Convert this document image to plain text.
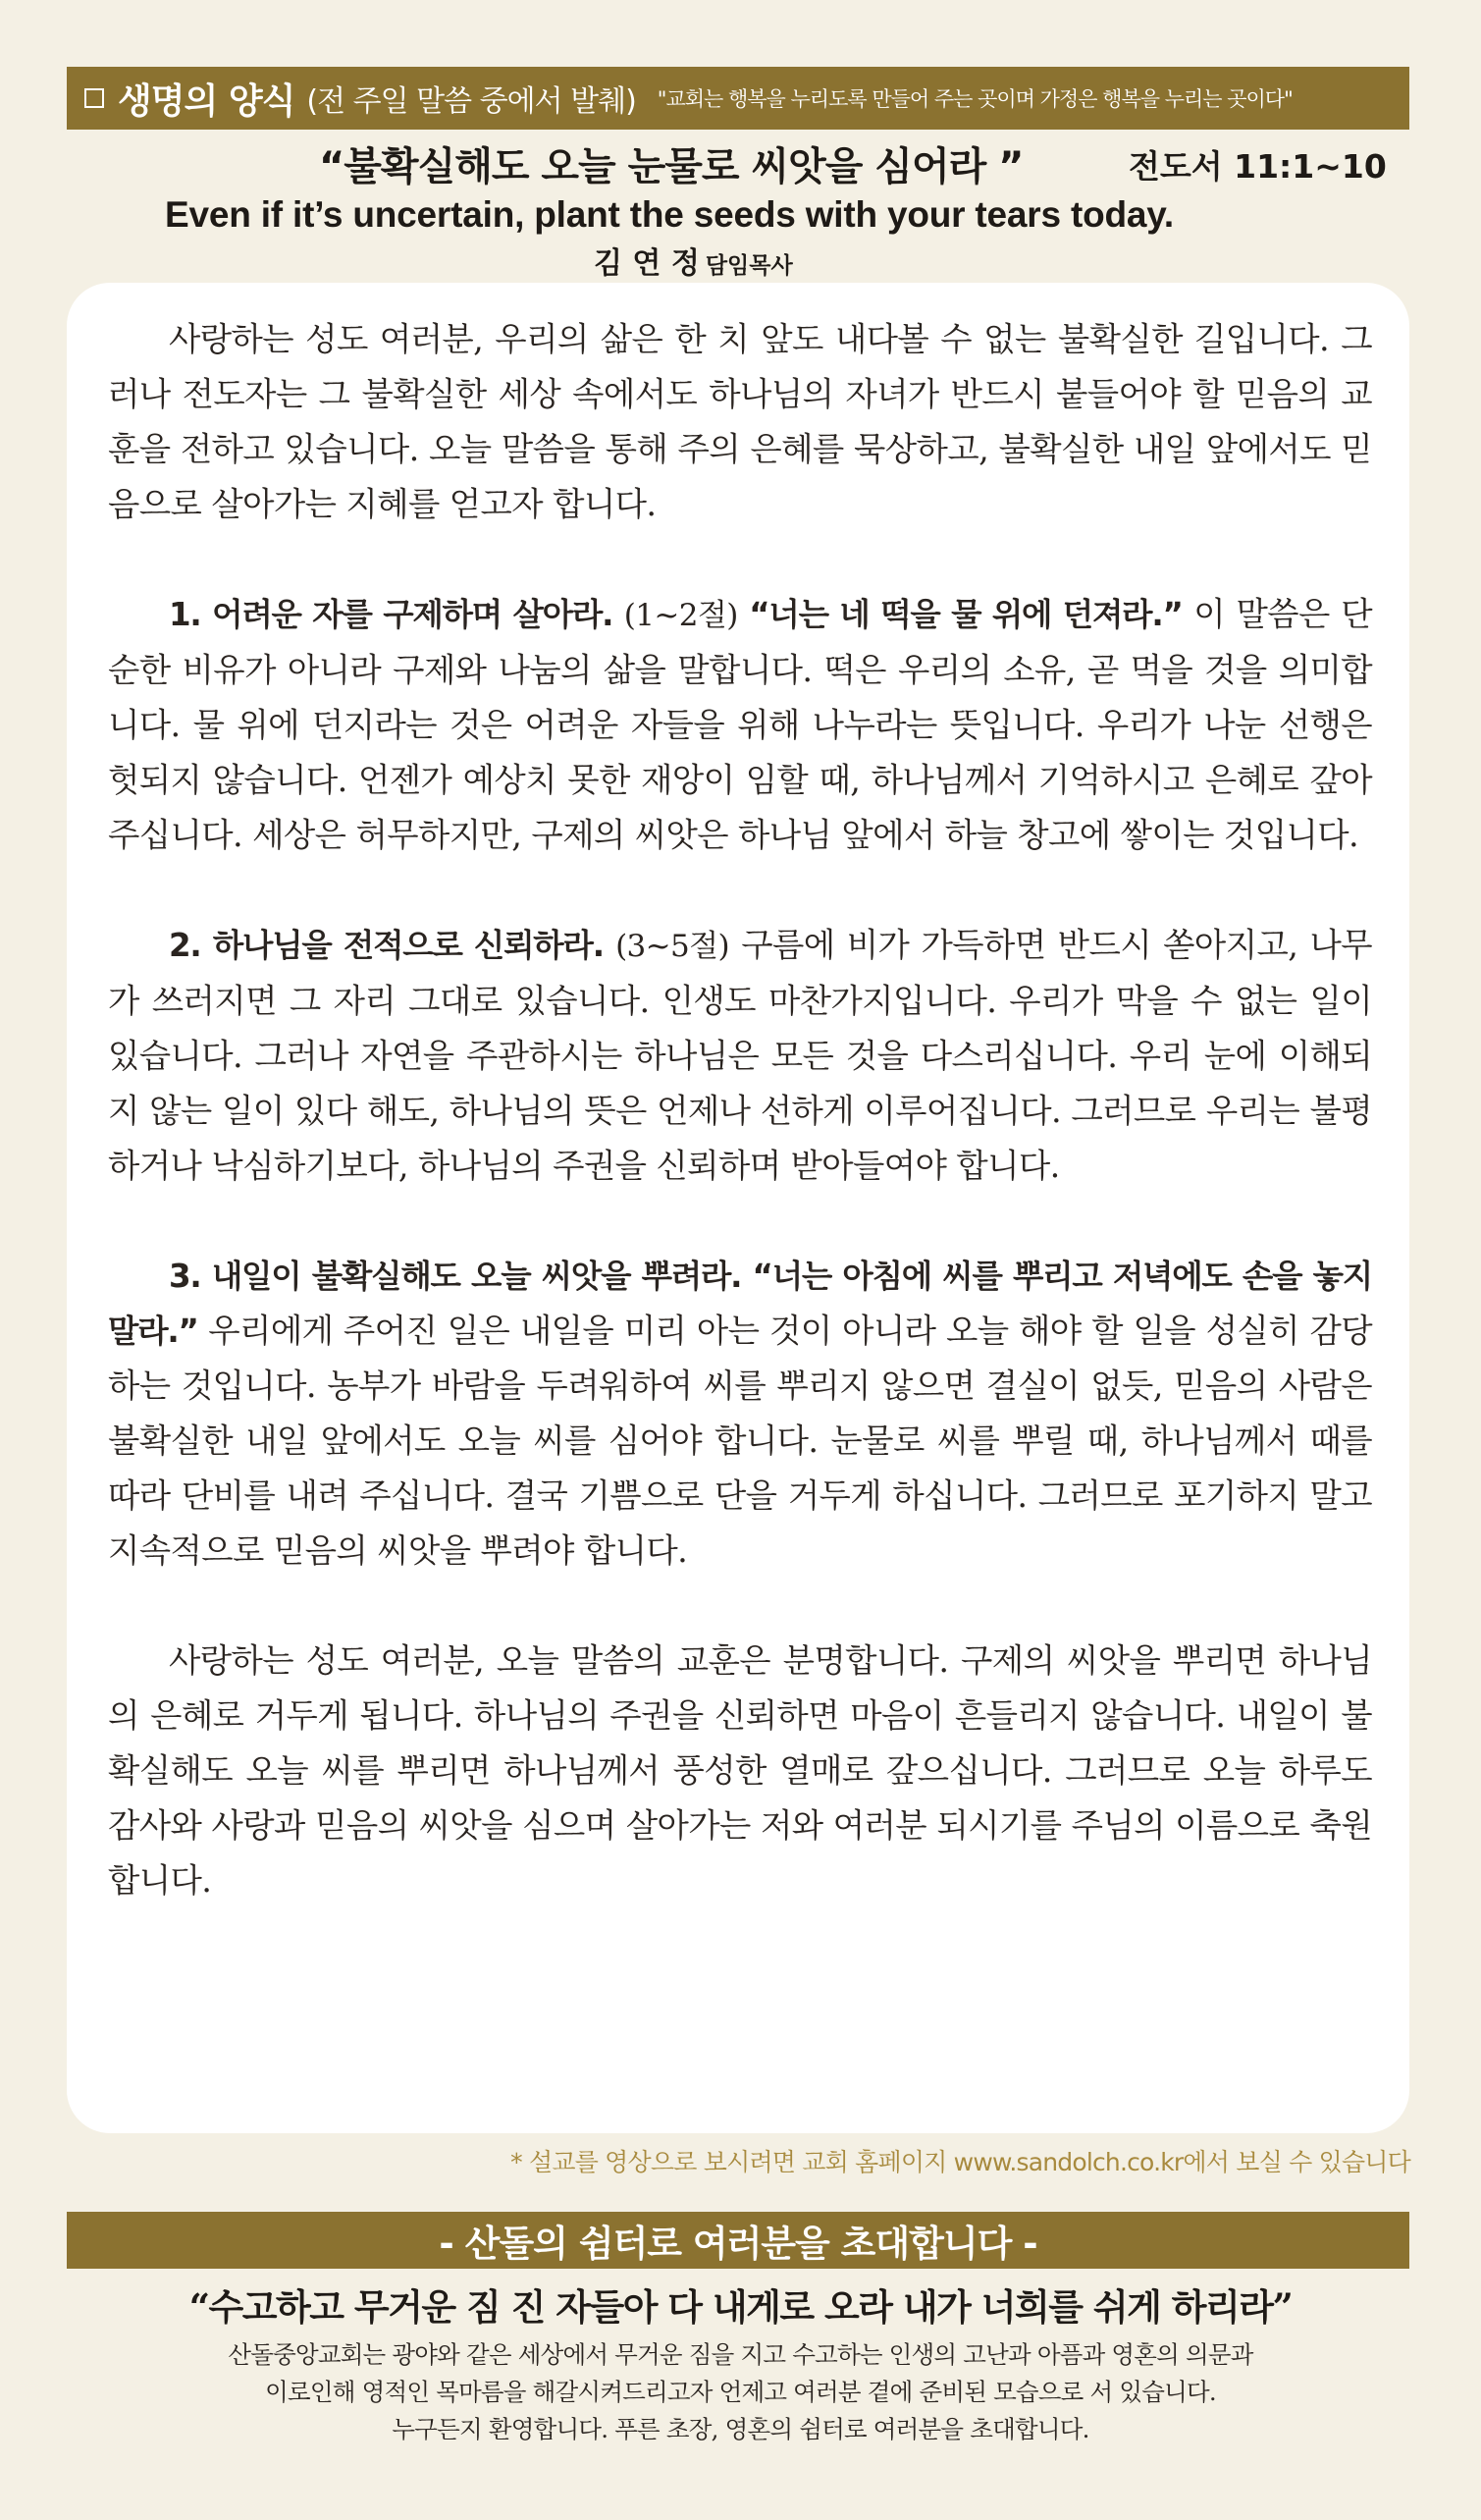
생명의 양식 (전 주일 말씀 중에서 발췌) "교회는 행복을 누리도록 만들어 주는 곳이며 가정은 행복을 누리는 곳이다"
“불확실해도 오늘 눈물로 씨앗을 심어라 ”	전도서 11:1~10
Even if it’s uncertain, plant the seeds with your tears today.
김 연 정 담임목사

사랑하는 성도 여러분, 우리의 삶은 한 치 앞도 내다볼 수 없는 불확실한 길입니다. 그러나 전도자는 그 불확실한 세상 속에서도 하나님의 자녀가 반드시 붙들어야 할 믿음의 교훈을 전하고 있습니다. 오늘 말씀을 통해 주의 은혜를 묵상하고, 불확실한 내일 앞에서도 믿음으로 살아가는 지혜를 얻고자 합니다.

1. 어려운 자를 구제하며 살아라. (1~2절) “너는 네 떡을 물 위에 던져라.” 이 말씀은 단순한 비유가 아니라 구제와 나눔의 삶을 말합니다. 떡은 우리의 소유, 곧 먹을 것을 의미합니다. 물 위에 던지라는 것은 어려운 자들을 위해 나누라는 뜻입니다. 우리가 나눈 선행은 헛되지 않습니다. 언젠가 예상치 못한 재앙이 임할 때, 하나님께서 기억하시고 은혜로 갚아 주십니다. 세상은 허무하지만, 구제의 씨앗은 하나님 앞에서 하늘 창고에 쌓이는 것입니다.

2. 하나님을 전적으로 신뢰하라. (3~5절) 구름에 비가 가득하면 반드시 쏟아지고, 나무가 쓰러지면 그 자리 그대로 있습니다. 인생도 마찬가지입니다. 우리가 막을 수 없는 일이 있습니다. 그러나 자연을 주관하시는 하나님은 모든 것을 다스리십니다. 우리 눈에 이해되지 않는 일이 있다 해도, 하나님의 뜻은 언제나 선하게 이루어집니다. 그러므로 우리는 불평하거나 낙심하기보다, 하나님의 주권을 신뢰하며 받아들여야 합니다.

3. 내일이 불확실해도 오늘 씨앗을 뿌려라. “너는 아침에 씨를 뿌리고 저녁에도 손을 놓지 말라.” 우리에게 주어진 일은 내일을 미리 아는 것이 아니라 오늘 해야 할 일을 성실히 감당하는 것입니다. 농부가 바람을 두려워하여 씨를 뿌리지 않으면 결실이 없듯, 믿음의 사람은 불확실한 내일 앞에서도 오늘 씨를 심어야 합니다. 눈물로 씨를 뿌릴 때, 하나님께서 때를 따라 단비를 내려 주십니다. 결국 기쁨으로 단을 거두게 하십니다. 그러므로 포기하지 말고 지속적으로 믿음의 씨앗을 뿌려야 합니다.

사랑하는 성도 여러분, 오늘 말씀의 교훈은 분명합니다. 구제의 씨앗을 뿌리면 하나님의 은혜로 거두게 됩니다. 하나님의 주권을 신뢰하면 마음이 흔들리지 않습니다. 내일이 불확실해도 오늘 씨를 뿌리면 하나님께서 풍성한 열매로 갚으십니다. 그러므로 오늘 하루도 감사와 사랑과 믿음의 씨앗을 심으며 살아가는 저와 여러분 되시기를 주님의 이름으로 축원합니다.

* 설교를 영상으로 보시려면 교회 홈페이지 www.sandolch.co.kr에서 보실 수 있습니다
- 산돌의 쉼터로 여러분을 초대합니다 -
“수고하고 무거운 짐 진 자들아 다 내게로 오라 내가 너희를 쉬게 하리라”
산돌중앙교회는 광야와 같은 세상에서 무거운 짐을 지고 수고하는 인생의 고난과 아픔과 영혼의 의문과
이로인해 영적인 목마름을 해갈시켜드리고자 언제고 여러분 곁에 준비된 모습으로 서 있습니다.
누구든지 환영합니다. 푸른 초장, 영혼의 쉼터로 여러분을 초대합니다.
